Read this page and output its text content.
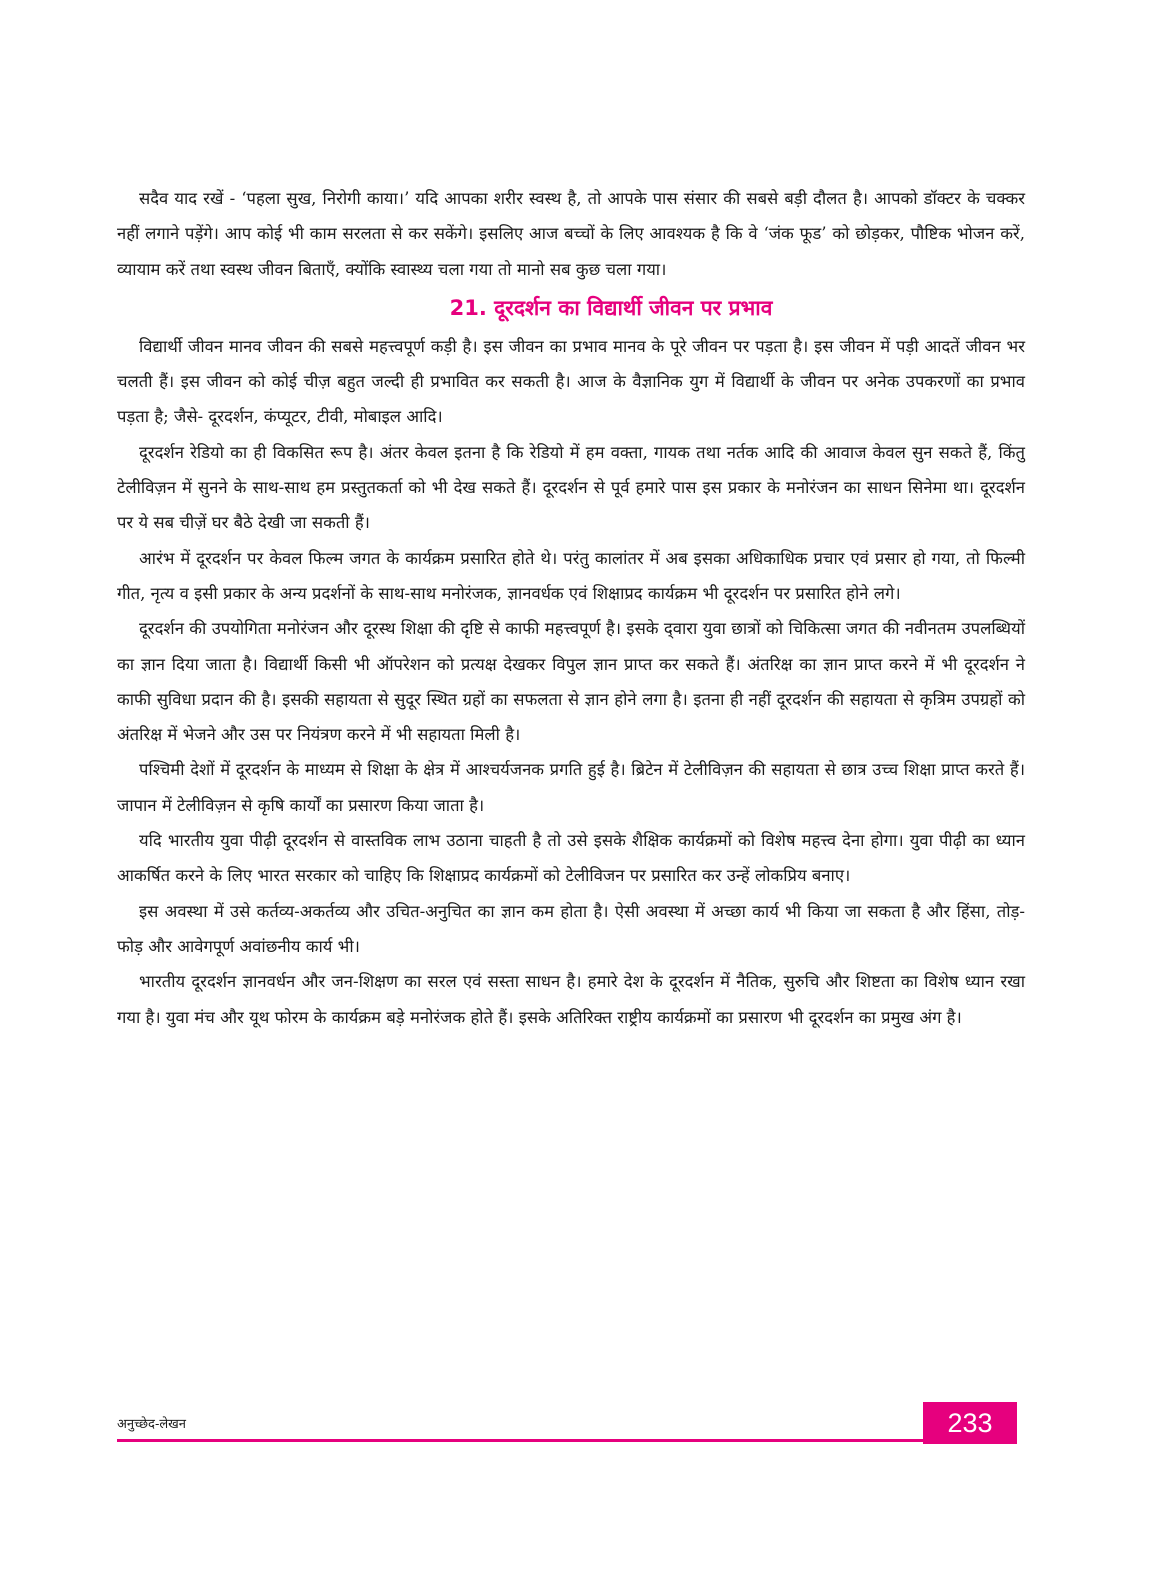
सदैव याद रखें - ‘पहला सुख, निरोगी काया।’ यदि आपका शरीर स्वस्थ है, तो आपके पास संसार की सबसे बड़ी दौलत है। आपको डॉक्टर के चक्कर नहीं लगाने पड़ेंगे। आप कोई भी काम सरलता से कर सकेंगे। इसलिए आज बच्चों के लिए आवश्यक है कि वे ‘जंक फूड’ को छोड़कर, पौष्टिक भोजन करें, व्यायाम करें तथा स्वस्थ जीवन बिताएँ, क्योंकि स्वास्थ्य चला गया तो मानो सब कुछ चला गया।

21. दूरदर्शन का विद्यार्थी जीवन पर प्रभाव

विद्यार्थी जीवन मानव जीवन की सबसे महत्त्वपूर्ण कड़ी है। इस जीवन का प्रभाव मानव के पूरे जीवन पर पड़ता है। इस जीवन में पड़ी आदतें जीवन भर चलती हैं। इस जीवन को कोई चीज़ बहुत जल्दी ही प्रभावित कर सकती है। आज के वैज्ञानिक युग में विद्यार्थी के जीवन पर अनेक उपकरणों का प्रभाव पड़ता है; जैसे- दूरदर्शन, कंप्यूटर, टीवी, मोबाइल आदि।

दूरदर्शन रेडियो का ही विकसित रूप है। अंतर केवल इतना है कि रेडियो में हम वक्ता, गायक तथा नर्तक आदि की आवाज केवल सुन सकते हैं, किंतु टेलीविज़न में सुनने के साथ-साथ हम प्रस्तुतकर्ता को भी देख सकते हैं। दूरदर्शन से पूर्व हमारे पास इस प्रकार के मनोरंजन का साधन सिनेमा था। दूरदर्शन पर ये सब चीज़ें घर बैठे देखी जा सकती हैं।

आरंभ में दूरदर्शन पर केवल फिल्म जगत के कार्यक्रम प्रसारित होते थे। परंतु कालांतर में अब इसका अधिकाधिक प्रचार एवं प्रसार हो गया, तो फिल्मी गीत, नृत्य व इसी प्रकार के अन्य प्रदर्शनों के साथ-साथ मनोरंजक, ज्ञानवर्धक एवं शिक्षाप्रद कार्यक्रम भी दूरदर्शन पर प्रसारित होने लगे।

दूरदर्शन की उपयोगिता मनोरंजन और दूरस्थ शिक्षा की दृष्टि से काफी महत्त्वपूर्ण है। इसके द्‌वारा युवा छात्रों को चिकित्सा जगत की नवीनतम उपलब्धियों का ज्ञान दिया जाता है। विद्यार्थी किसी भी ऑपरेशन को प्रत्यक्ष देखकर विपुल ज्ञान प्राप्त कर सकते हैं। अंतरिक्ष का ज्ञान प्राप्त करने में भी दूरदर्शन ने काफी सुविधा प्रदान की है। इसकी सहायता से सुदूर स्थित ग्रहों का सफलता से ज्ञान होने लगा है। इतना ही नहीं दूरदर्शन की सहायता से कृत्रिम उपग्रहों को अंतरिक्ष में भेजने और उस पर नियंत्रण करने में भी सहायता मिली है।

पश्चिमी देशों में दूरदर्शन के माध्यम से शिक्षा के क्षेत्र में आश्चर्यजनक प्रगति हुई है। ब्रिटेन में टेलीविज़न की सहायता से छात्र उच्च शिक्षा प्राप्त करते हैं। जापान में टेलीविज़न से कृषि कार्यों का प्रसारण किया जाता है।

यदि भारतीय युवा पीढ़ी दूरदर्शन से वास्तविक लाभ उठाना चाहती है तो उसे इसके शैक्षिक कार्यक्रमों को विशेष महत्त्व देना होगा। युवा पीढ़ी का ध्यान आकर्षित करने के लिए भारत सरकार को चाहिए कि शिक्षाप्रद कार्यक्रमों को टेलीविजन पर प्रसारित कर उन्हें लोकप्रिय बनाए।

इस अवस्था में उसे कर्तव्य-अकर्तव्य और उचित-अनुचित का ज्ञान कम होता है। ऐसी अवस्था में अच्छा कार्य भी किया जा सकता है और हिंसा, तोड़-फोड़ और आवेगपूर्ण अवांछनीय कार्य भी।

भारतीय दूरदर्शन ज्ञानवर्धन और जन-शिक्षण का सरल एवं सस्ता साधन है। हमारे देश के दूरदर्शन में नैतिक, सुरुचि और शिष्टता का विशेष ध्यान रखा गया है। युवा मंच और यूथ फोरम के कार्यक्रम बड़े मनोरंजक होते हैं। इसके अतिरिक्त राष्ट्रीय कार्यक्रमों का प्रसारण भी दूरदर्शन का प्रमुख अंग है।

अनुच्छेद-लेखन	233
